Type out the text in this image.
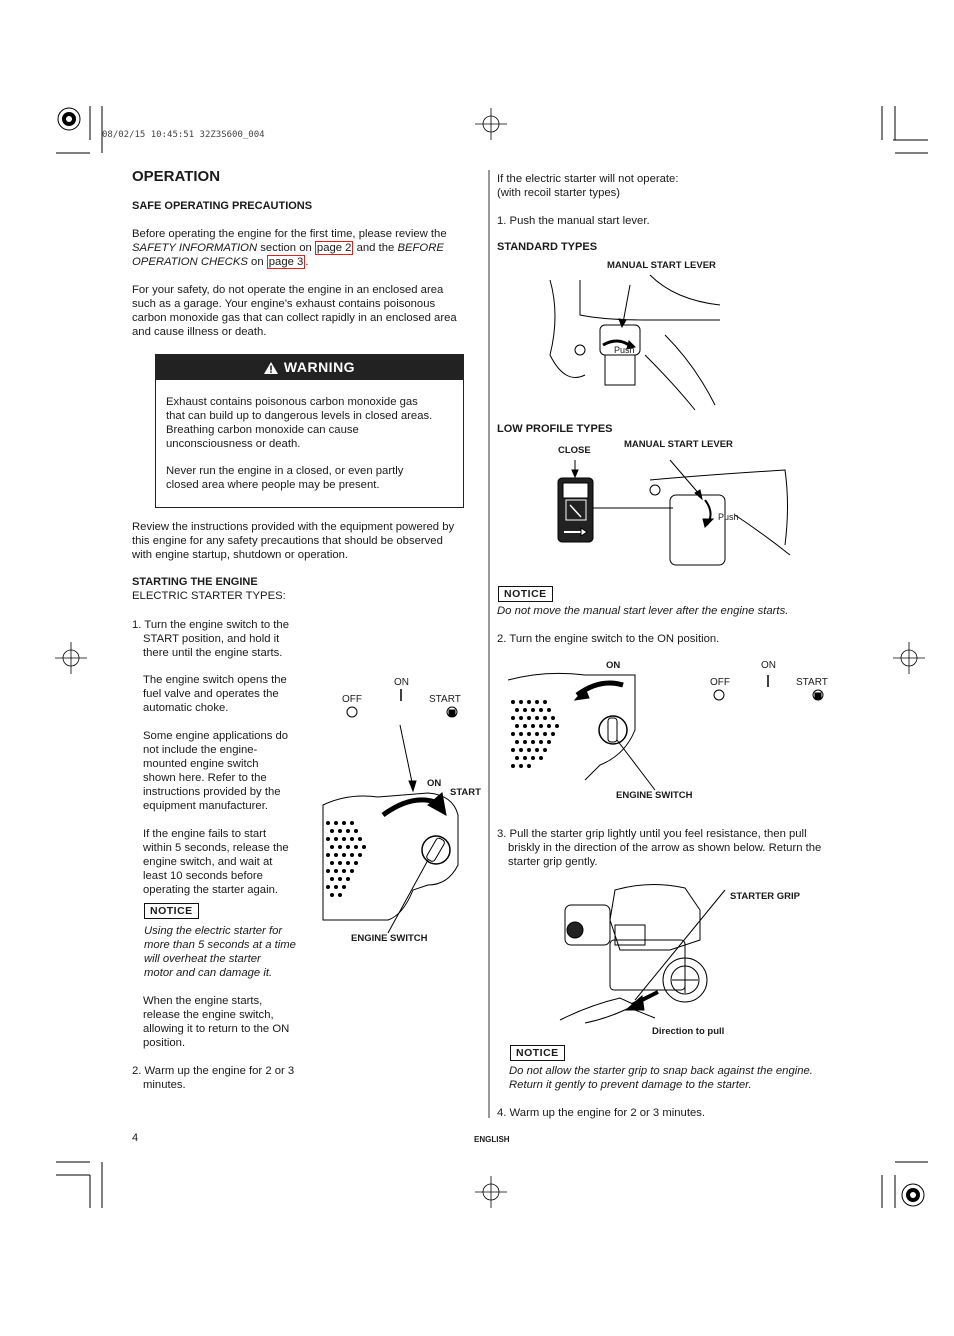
08/02/15 10:45:51 32Z3S600_004
OPERATION
SAFE OPERATING PRECAUTIONS
Before operating the engine for the first time, please review the
SAFETY INFORMATION section on page 2 and the BEFORE
OPERATION CHECKS on page 3 .
For your safety, do not operate the engine in an enclosed area
such as a garage. Your engine’s exhaust contains poisonous
carbon monoxide gas that can collect rapidly in an enclosed area
and cause illness or death.
WARNING
Exhaust contains poisonous carbon monoxide gas
that can build up to dangerous levels in closed areas.
Breathing carbon monoxide can cause
unconsciousness or death.
Never run the engine in a closed, or even partly
closed area where people may be present.
Review the instructions provided with the equipment powered by
this engine for any safety precautions that should be observed
with engine startup, shutdown or operation.
STARTING THE ENGINE
ELECTRIC STARTER TYPES:
1. Turn the engine switch to the
START position, and hold it
there until the engine starts.
The engine switch opens the
fuel valve and operates the
automatic choke.
Some engine applications do
not include the engine-
mounted engine switch
shown here. Refer to the
instructions provided by the
equipment manufacturer.
If the engine fails to start
within 5 seconds, release the
engine switch, and wait at
least 10 seconds before
operating the starter again.
NOTICE
Using the electric starter for
more than 5 seconds at a time
will overheat the starter
motor and can damage it.
When the engine starts,
release the engine switch,
allowing it to return to the ON
position.
2. Warm up the engine for 2 or 3
minutes.
OFF
ON
START
ON
START
ENGINE SWITCH
If the electric starter will not operate:
(with recoil starter types)
1. Push the manual start lever.
STANDARD TYPES
MANUAL START LEVER
Push
LOW PROFILE TYPES
CLOSE
MANUAL START LEVER
Push
NOTICE
Do not move the manual start lever after the engine starts.
2. Turn the engine switch to the ON position.
ON	ON
OFF	START
ENGINE SWITCH
3. Pull the starter grip lightly until you feel resistance, then pull
briskly in the direction of the arrow as shown below. Return the
starter grip gently.
STARTER GRIP
Direction to pull
NOTICE
Do not allow the starter grip to snap back against the engine.
Return it gently to prevent damage to the starter.
4. Warm up the engine for 2 or 3 minutes.
4	ENGLISH
